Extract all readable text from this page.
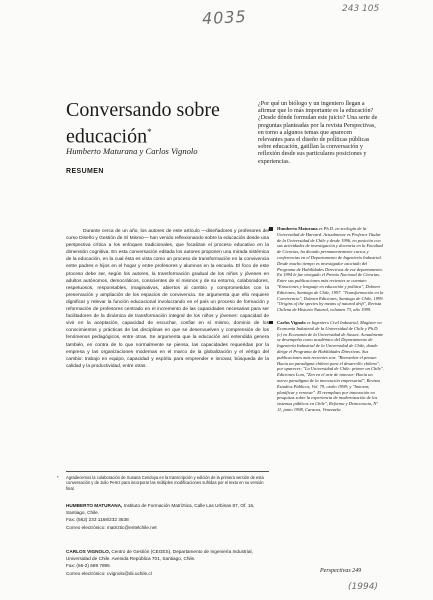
4035	243 105
Conversando sobre
educación*
¿Por qué un biólogo y un ingeniero llegan a afirmar que lo más importante es la educación? ¿Desde dónde formulan este juicio? Una serie de preguntas planteadas por la revista Perspectivas, en torno a algunos temas que aparecen relevantes para el diseño de políticas públicas sobre educación, gatillan la conversación y reflexión desde sus particulares posiciones y experiencias.
Humberto Maturana y Carlos Vignolo
RESUMEN
Durante cerca de un año, los autores de este artículo —diseñadores y profesores del curso Diseño y Gestión de Sí Mismo— han venido reflexionando sobre la educación desde una perspectiva crítica a los enfoques tradicionales, que focalizan el proceso educativo en la dimensión cognitiva. En esta conversación editada los autores proponen una mirada sistémica de la educación, en la cual ésta es vista como un proceso de transformación en la convivencia entre padres e hijos en el hogar y entre profesores y alumnos en la escuela. El foco de este proceso debe ser, según los autores, la transformación gradual de los niños y jóvenes en adultos autónomos, democráticos, conscientes de sí mismos y de su entorno, colaboradores, respetuosos, responsables, imaginativos, abiertos al cambio y comprometidos con la preservación y ampliación de los espacios de convivencia. Se argumenta que ello requiere dignificar y relevar la función educacional involucrando en el país un proceso de formación y reformación de profesores centrado en el incremento de las capacidades necesarias para ser facilitadores de la dinámica de transformación integral de los niños y jóvenes: capacidad de vivir en la aceptación, capacidad de escuchar, confiar en sí mismo, dominio de los conocimientos y prácticas de las disciplinas en que se desenvuelven y comprensión de los fenómenos pedagógicos, entre otras. Se argumenta que la educación así entendida genera también, en contra de lo que normalmente se piensa, las capacidades requeridas por la empresa y las organizaciones modernas en el marco de la globalización y el vértigo del cambio: trabajo en equipo, capacidad y espíritu para emprender e innovar, búsqueda de la calidad y la productividad, entre otras.
Humberto Maturana es Ph.D. en zoología de la Universidad de Harvard. Actualmente es Profesor Titular de la Universidad de Chile y desde 1996, en posición con sus actividades de investigación y docencia en la Facultad de Ciencias, ha dictado permanentemente cursos y conferencias en el Departamento de Ingeniería Industrial. Desde mucho tiempo es investigador asociado del Programa de Habilidades Directivas de ese departamento. En 1994 le fue otorgado el Premio Nacional de Ciencias. Entre sus publicaciones más recientes se cuentan: "Emociones y lenguaje en educación y política", Dolmen Ediciones, Santiago de Chile, 1997. "Transformación en la Convivencia", Dolmen Ediciones, Santiago de Chile, 1999. "Origins of the species by means of natural drift", Revista Chilena de Historia Natural, volumen 73, año 1999.
Carlos Vignolo es Ingeniero Civil Industrial, Magíster en Economía Industrial de la Universidad de Chile y Ph.D. (c) en Economía de la Universidad de Sussex. Actualmente se desempeña como académico del Departamento de Ingeniería Industrial de la Universidad de Chile, donde dirige el Programa de Habilidades Directivas. Sus publicaciones más recientes son: "Reenseñar el pensar. Hacia un paradigma chileno para el desarrollo chileno", por aparecer; "La Universidad de Chile: primer un Chile". Ediciones Lom, "Zen en el arte de innovar: Hacia un nuevo paradigma de la innovación empresarial", Revista Estudios Públicos, Vol. 79, otoño 1998; y "Innovar, planificar y renovar". El reemplazo por innovación en pesquisas sobre la experiencia de modernización de los sistemas públicos en Chile", Reforma y Democracia, N° 11, junio 1998, Caracas, Venezuela.
* Agradecemos la colaboración de Susana Cendoya en la transcripción y edición de la primera versión de esta conversación y de Julio Perez para incorporar las múltiples modificaciones sufridas por el texto en su versión final.
HUMBERTO MATURANA, Instituto de Formación Matríztica, Calle Las Urbinas 87, Of. 16, Santiago, Chile.
Fax: (562) 233 1168/232 3538
Correo electrónico: matriztic@entelchile.net
CARLOS VIGNOLO, Centro de Gestión (CEGES), Departamento de Ingeniería Industrial, Universidad de Chile. Avenida República 701, Santiago, Chile.
Fax: (56-2) 689 7895
Correo electrónico: cvignolo@dii.uchile.cl	Perspectivas 249
(1994)
